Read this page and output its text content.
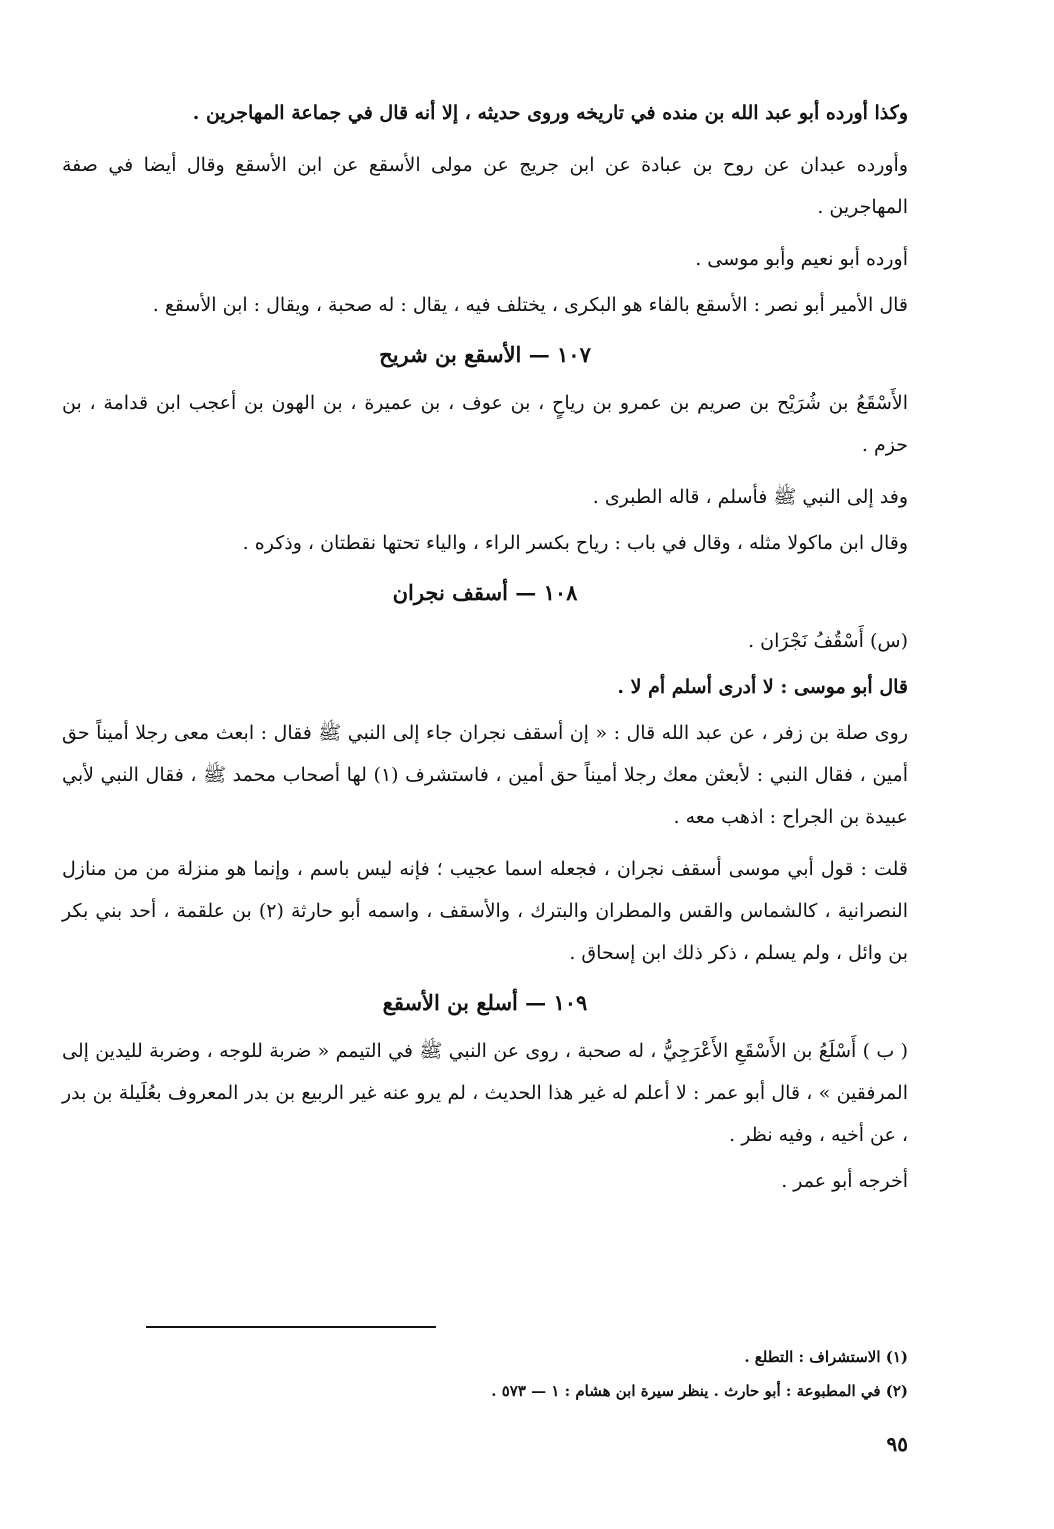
وكذا أورده أبو عبد الله بن منده في تاريخه وروى حديثه ، إلا أنه قال في جماعة المهاجرين .

وأورده عبدان عن روح بن عبادة عن ابن جريج عن مولى الأسقع عن ابن الأسقع وقال أيضا في صفة المهاجرين .

أورده أبو نعيم وأبو موسى .

قال الأمير أبو نصر : الأسقع بالفاء هو البكرى ، يختلف فيه ، يقال : له صحبة ، ويقال : ابن الأسقع .

١٠٧ — الأسقع بن شريح

الأَسْقَعُ بن شُرَيْح بن صريم بن عمرو بن رياحٍ ، بن عوف ، بن عميرة ، بن الهون بن أعجب ابن قدامة ، بن حزم .

وفد إلى النبي ﷺ فأسلم ، قاله الطبرى .

وقال ابن ماكولا مثله ، وقال في باب : رياح بكسر الراء ، والياء تحتها نقطتان ، وذكره .

١٠٨ — أسقف نجران

(س) أَسْقُفُ نَجْرَان .

قال أبو موسى : لا أدرى أسلم أم لا .

روى صلة بن زفر ، عن عبد الله قال : « إن أسقف نجران جاء إلى النبي ﷺ فقال : ابعث معى رجلا أميناً حق أمين ، فقال النبي : لأبعثن معك رجلا أميناً حق أمين ، فاستشرف (١) لها أصحاب محمد ﷺ ، فقال النبي لأبي عبيدة بن الجراح : اذهب معه .

قلت : قول أبي موسى أسقف نجران ، فجعله اسما عجيب ؛ فإنه ليس باسم ، وإنما هو منزلة من من منازل النصرانية ، كالشماس والقس والمطران والبترك ، والأسقف ، واسمه أبو حارثة (٢) بن علقمة ، أحد بني بكر بن وائل ، ولم يسلم ، ذكر ذلك ابن إسحاق .

١٠٩ — أسلع بن الأسقع

( ب ) أَسْلَعُ بن الأَسْقَعِ الأَعْرَجِيُّ ، له صحبة ، روى عن النبي ﷺ في التيمم « ضربة للوجه ، وضربة لليدين إلى المرفقين » ، قال أبو عمر : لا أعلم له غير هذا الحديث ، لم يرو عنه غير الربيع بن بدر المعروف بعُلَيلة بن بدر ، عن أخيه ، وفيه نظر .

أخرجه أبو عمر .

(١) الاستشراف : التطلع .

(٢) في المطبوعة : أبو حارث . ينظر سيرة ابن هشام : ١ — ٥٧٣ .

٩٥
